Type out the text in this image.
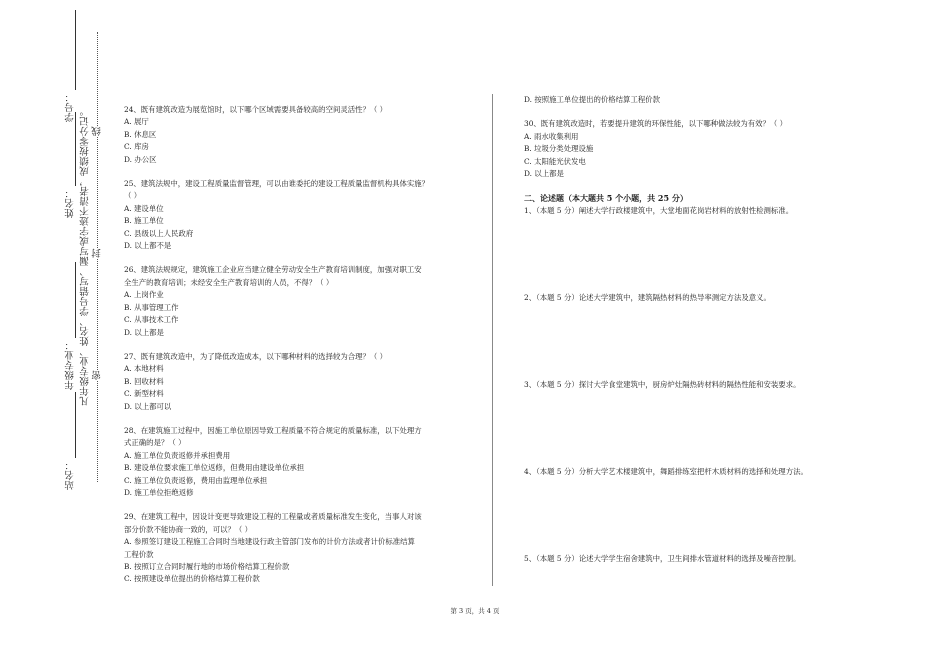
学号：
姓名：
年级专业：
站名：
凡年级专业、姓名、学号错写、漏写或字迹不清者，成绩按零分记。 线
封
密

24、既有建筑改造为展览馆时，以下哪个区域需要具备较高的空间灵活性？（ ）

A. 展厅

B. 休息区

C. 库房

D. 办公区

25、建筑法规中，建设工程质量监督管理，可以由谁委托的建设工程质量监督机构具体实施？

（ ）

A. 建设单位

B. 施工单位

C. 县级以上人民政府

D. 以上都不是

26、建筑法规规定，建筑施工企业应当建立健全劳动安全生产教育培训制度，加强对职工安

全生产的教育培训；未经安全生产教育培训的人员，不得？（ ）

A. 上岗作业

B. 从事管理工作

C. 从事技术工作

D. 以上都是

27、既有建筑改造中，为了降低改造成本，以下哪种材料的选择较为合理？（ ）

A. 本地材料

B. 回收材料

C. 新型材料

D. 以上都可以

28、在建筑施工过程中，因施工单位原因导致工程质量不符合规定的质量标准，以下处理方

式正确的是？（ ）

A. 施工单位负责返修并承担费用

B. 建设单位要求施工单位返修，但费用由建设单位承担

C. 施工单位负责返修，费用由监理单位承担

D. 施工单位拒绝返修

29、在建筑工程中，因设计变更导致建设工程的工程量或者质量标准发生变化，当事人对该

部分价款不能协商一致的，可以？（ ）

A. 参照签订建设工程施工合同时当地建设行政主管部门发布的计价方法或者计价标准结算

工程价款

B. 按照订立合同时履行地的市场价格结算工程价款

C. 按照建设单位提出的价格结算工程价款

D. 按照施工单位提出的价格结算工程价款

30、既有建筑改造时，若要提升建筑的环保性能，以下哪种做法较为有效？（ ）

A. 雨水收集利用

B. 垃圾分类处理设施

C. 太阳能光伏发电

D. 以上都是

二、论述题（本大题共 5 个小题，共 25 分）

1、（本题 5 分）阐述大学行政楼建筑中，大堂地面花岗岩材料的放射性检测标准。

2、（本题 5 分）论述大学建筑中，建筑隔热材料的热导率测定方法及意义。

3、（本题 5 分）探讨大学食堂建筑中，厨房炉灶隔热砖材料的隔热性能和安装要求。

4、（本题 5 分）分析大学艺术楼建筑中，舞蹈排练室把杆木质材料的选择和处理方法。

5、（本题 5 分）论述大学学生宿舍建筑中，卫生间排水管道材料的选择及噪音控制。

第 3 页，共 4 页
